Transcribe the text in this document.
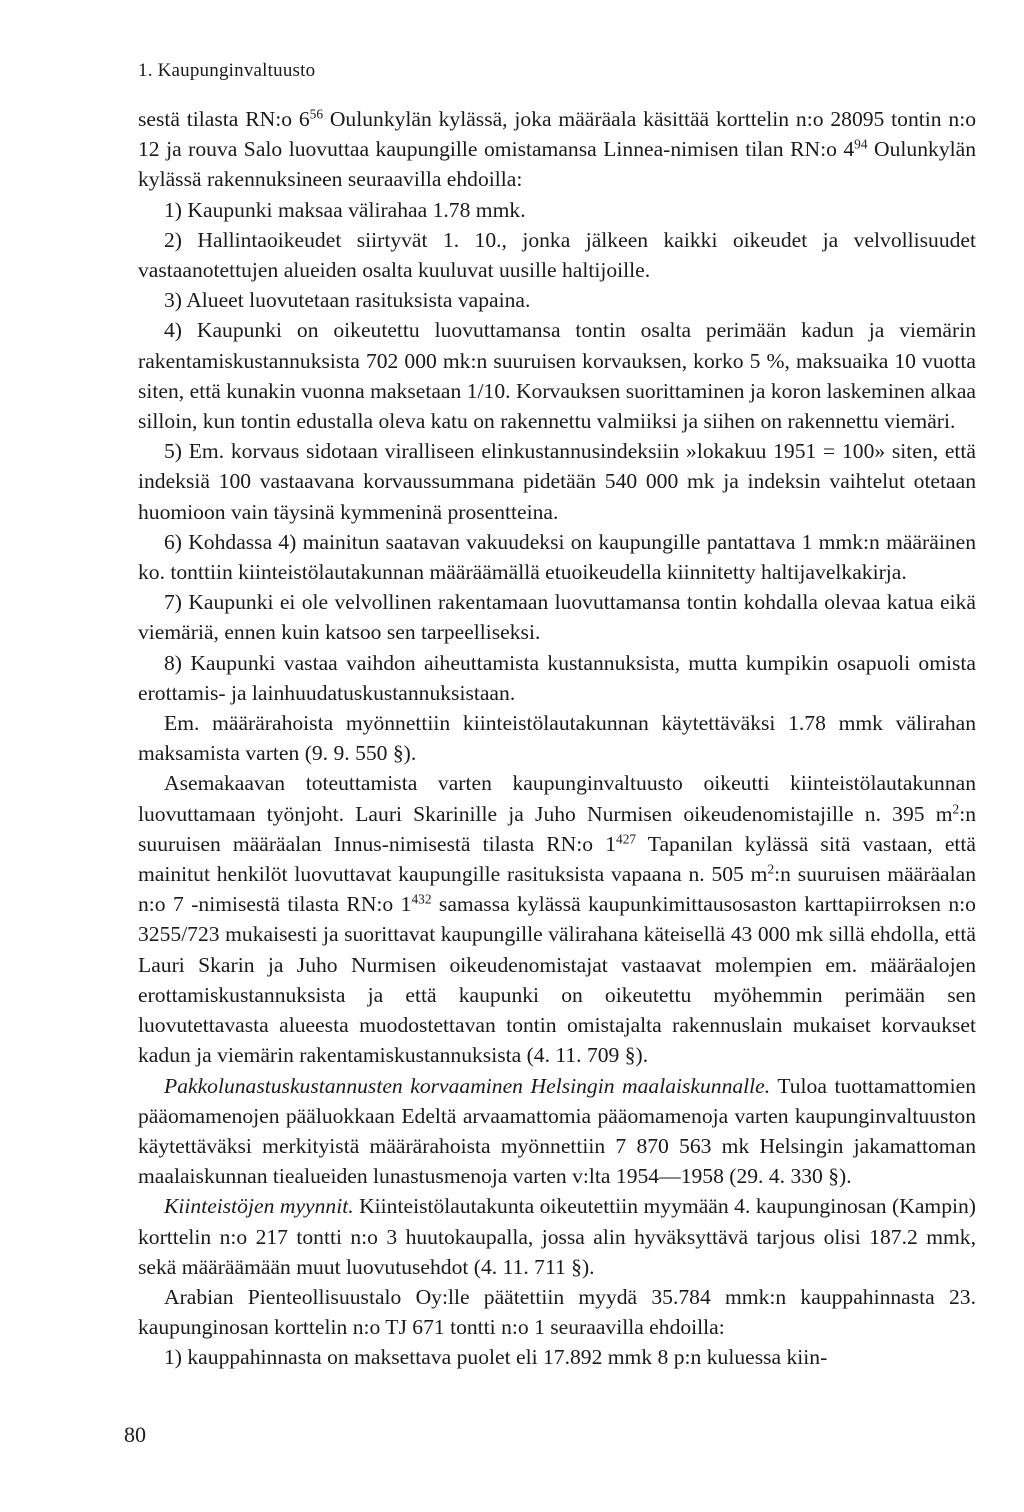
1. Kaupunginvaltuusto

sestä tilasta RN:o $6^{56}$ Oulunkylän kylässä, joka määräala käsittää korttelin n:o 28095 tontin n:o 12 ja rouva Salo luovuttaa kaupungille omistamansa Linnea-nimisen tilan RN:o $4^{94}$ Oulunkylän kylässä rakennuksineen seuraavilla ehdoilla:

1) Kaupunki maksaa välirahaa 1.78 mmk.

2) Hallintaoikeudet siirtyvät 1. 10., jonka jälkeen kaikki oikeudet ja velvollisuudet vastaanotettujen alueiden osalta kuuluvat uusille haltijoille.

3) Alueet luovutetaan rasituksista vapaina.

4) Kaupunki on oikeutettu luovuttamansa tontin osalta perimään kadun ja viemärin rakentamiskustannuksista 702 000 mk:n suuruisen korvauksen, korko 5 %, maksuaika 10 vuotta siten, että kunakin vuonna maksetaan 1/10. Korvauksen suorittaminen ja koron laskeminen alkaa silloin, kun tontin edustalla oleva katu on rakennettu valmiiksi ja siihen on rakennettu viemäri.

5) Em. korvaus sidotaan viralliseen elinkustannusindeksiin »lokakuu 1951 = 100» siten, että indeksiä 100 vastaavana korvaussummana pidetään 540 000 mk ja indeksin vaihtelut otetaan huomioon vain täysinä kymmeninä prosentteina.

6) Kohdassa 4) mainitun saatavan vakuudeksi on kaupungille pantattava 1 mmk:n määräinen ko. tonttiin kiinteistölautakunnan määräämällä etuoikeudella kiinnitetty haltijavelkakirja.

7) Kaupunki ei ole velvollinen rakentamaan luovuttamansa tontin kohdalla olevaa katua eikä viemäriä, ennen kuin katsoo sen tarpeelliseksi.

8) Kaupunki vastaa vaihdon aiheuttamista kustannuksista, mutta kumpikin osapuoli omista erottamis- ja lainhuudatuskustannuksistaan.

Em. määrärahoista myönnettiin kiinteistölautakunnan käytettäväksi 1.78 mmk välirahan maksamista varten (9. 9. 550 §).

Asemakaavan toteuttamista varten kaupunginvaltuusto oikeutti kiinteistölautakunnan luovuttamaan työnjoht. Lauri Skarinille ja Juho Nurmisen oikeudenomistajille n. 395 $m^2:n$ suuruisen määräalan Innus-nimisestä tilasta RN:o $1^{427}$ Tapanilan kylässä sitä vastaan, että mainitut henkilöt luovuttavat kaupungille rasituksista vapaana n. 505 $m^2:n$ suuruisen määräalan n:o 7 -nimisestä tilasta RN:o $1^{432}$ samassa kylässä kaupunkimittausosaston karttapiirroksen n:o 3255/723 mukaisesti ja suorittavat kaupungille välirahana käteisellä 43 000 mk sillä ehdolla, että Lauri Skarin ja Juho Nurmisen oikeudenomistajat vastaavat molempien em. määräalojen erottamiskustannuksista ja että kaupunki on oikeutettu myöhemmin perimään sen luovutettavasta alueesta muodostettavan tontin omistajalta rakennuslain mukaiset korvaukset kadun ja viemärin rakentamiskustannuksista (4. 11. 709 §).

Pakkolunastuskustannusten korvaaminen Helsingin maalaiskunnalle. Tuloa tuottamattomien pääomamenojen pääluokkaan Edeltä arvaamattomia pääomamenoja varten kaupunginvaltuuston käytettäväksi merkityistä määrärahoista myönnettiin 7 870 563 mk Helsingin jakamattoman maalaiskunnan tiealueiden lunastusmenoja varten v:lta 1954—1958 (29. 4. 330 §).

Kiinteistöjen myynnit. Kiinteistölautakunta oikeutettiin myymään 4. kaupunginosan (Kampin) korttelin n:o 217 tontti n:o 3 huutokaupalla, jossa alin hyväksyttävä tarjous olisi 187.2 mmk, sekä määräämään muut luovutusehdot (4. 11. 711 §).

Arabian Pienteollisuustalo Oy:lle päätettiin myydä 35.784 mmk:n kauppahinnasta 23. kaupunginosan korttelin n:o TJ 671 tontti n:o 1 seuraavilla ehdoilla:

1) kauppahinnasta on maksettava puolet eli 17.892 mmk 8 p:n kuluessa kiin-

80
